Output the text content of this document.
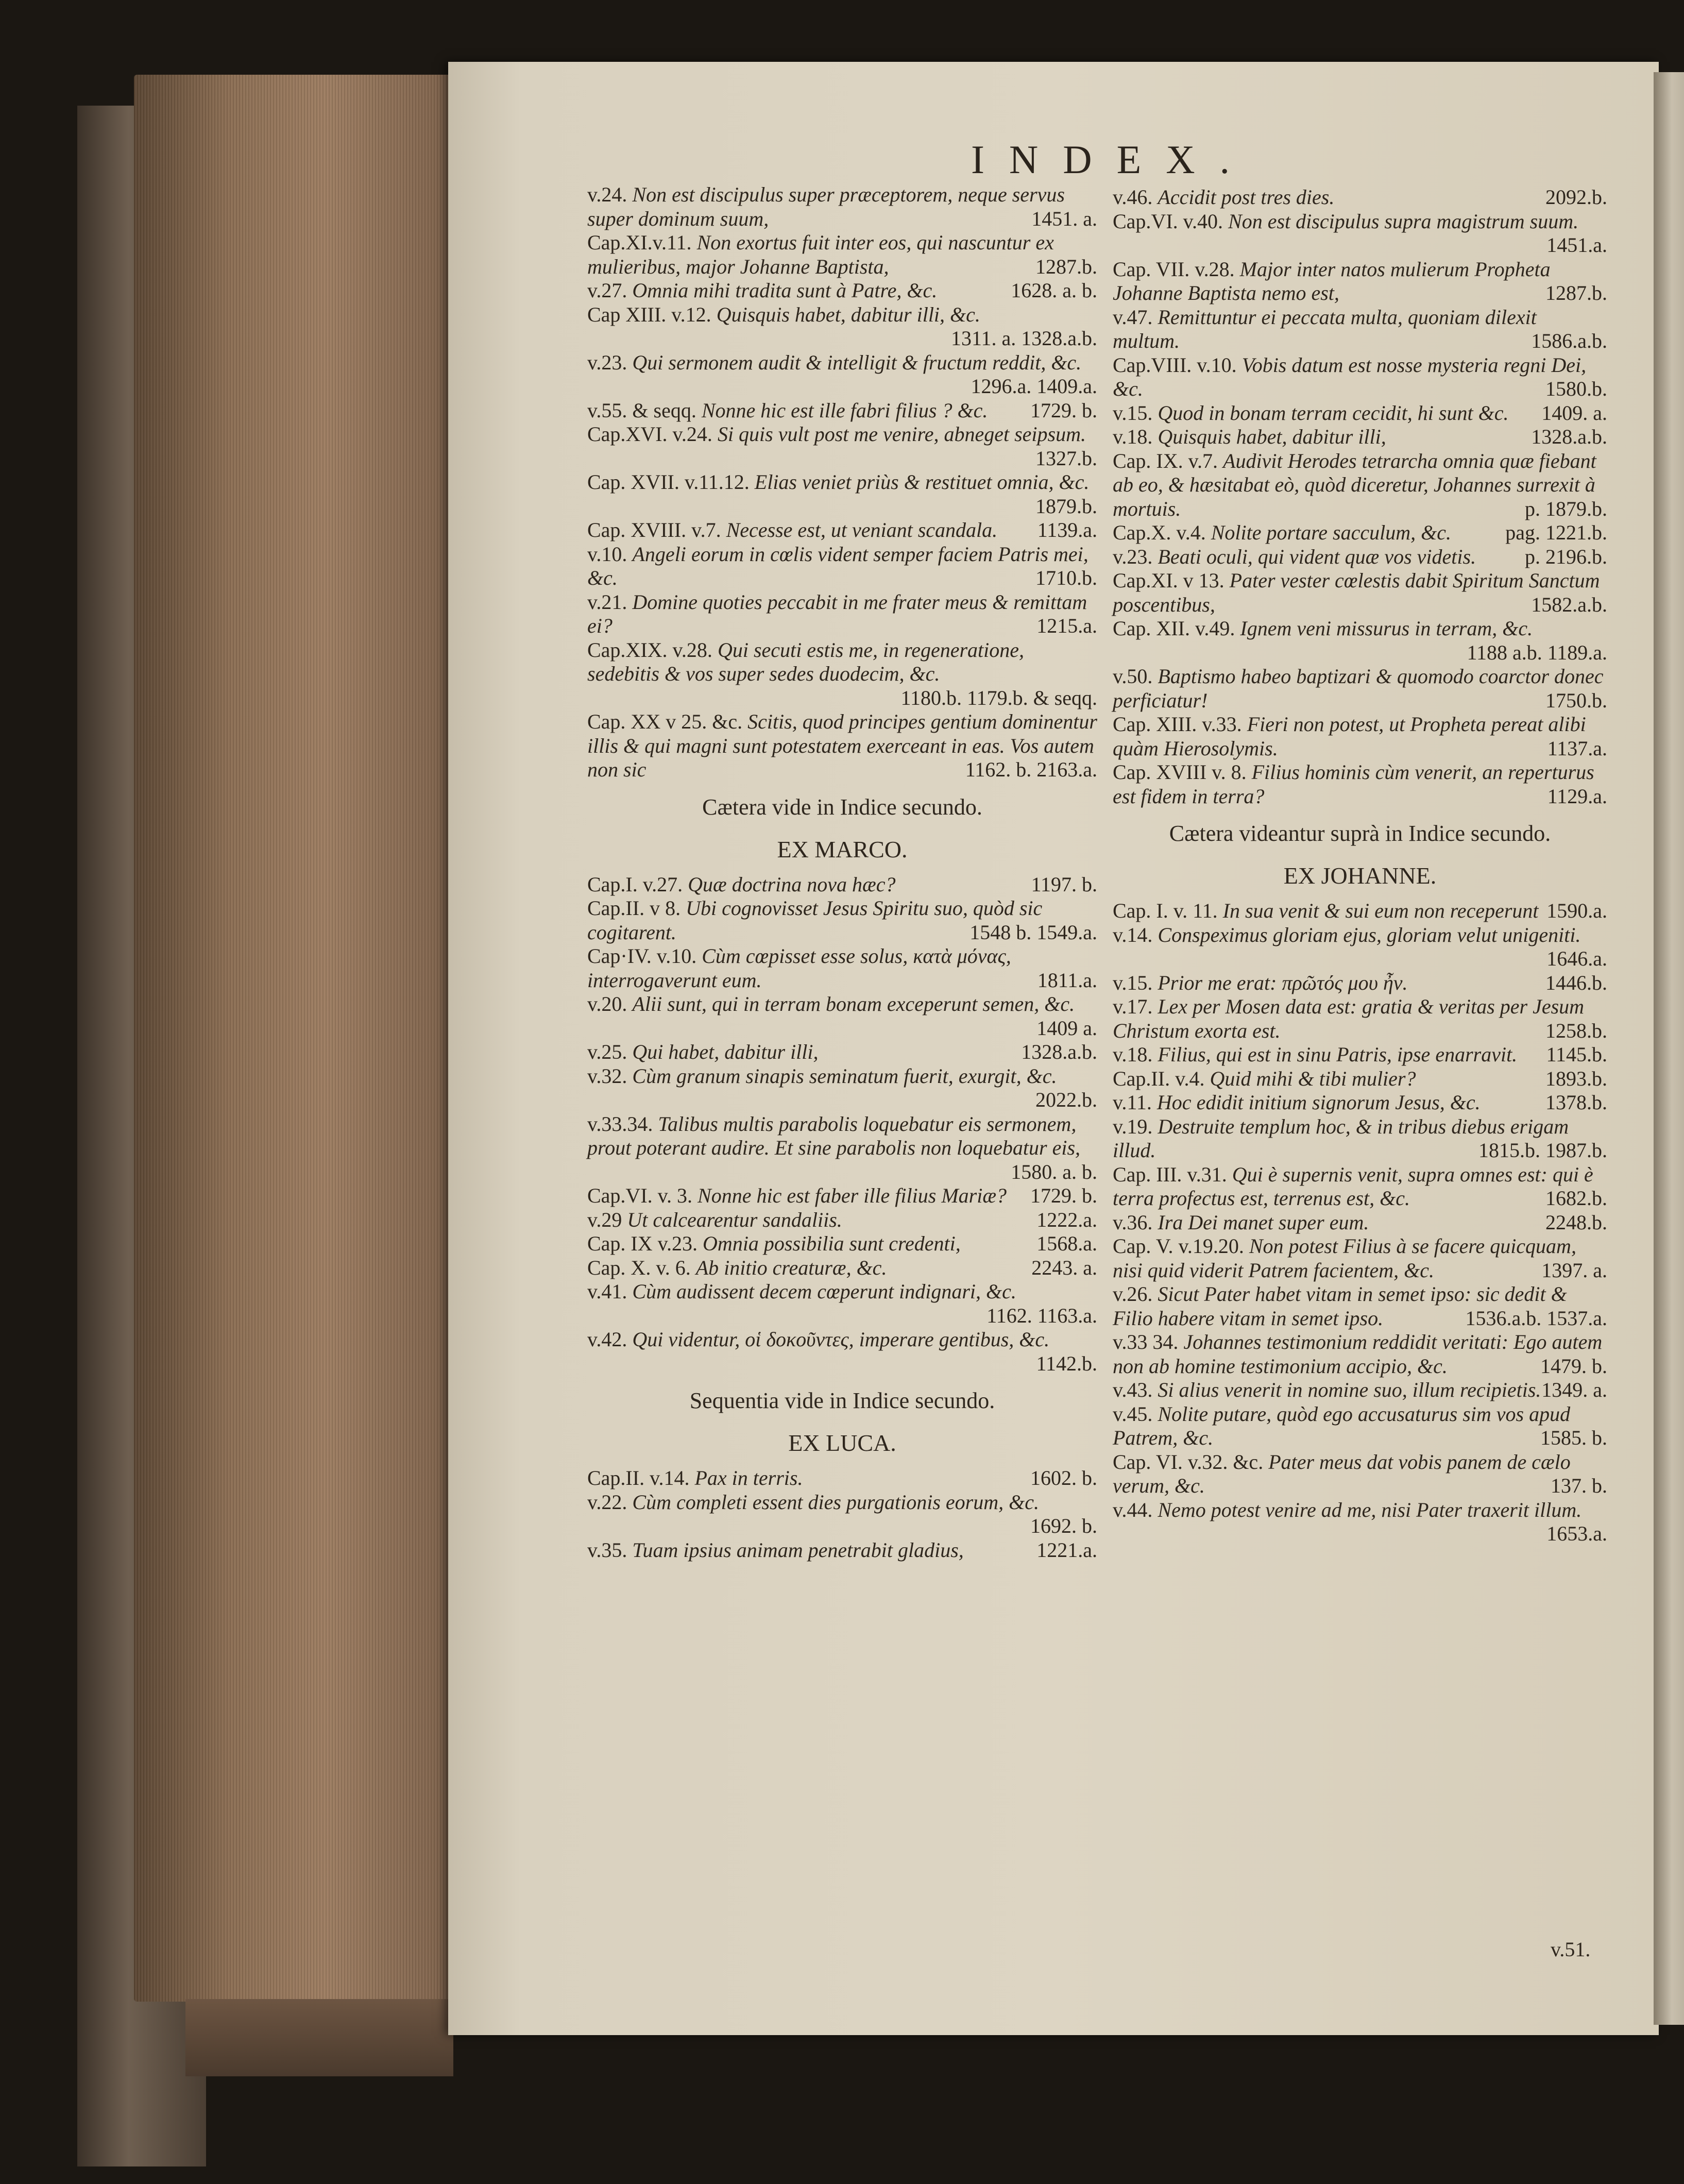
INDEX.
v.24. Non est discipulus super præceptorem, neque servus super dominum suum,	1451. a.
Cap.XI.v.11. Non exortus fuit inter eos, qui nascuntur ex mulieribus, major Johanne Baptista,	1287.b.
v.27. Omnia mihi tradita sunt à Patre, &c.	1628. a. b.
Cap XIII. v.12. Quisquis habet, dabitur illi, &c.
1311. a. 1328.a.b.
v.23. Qui sermonem audit & intelligit & fructum reddit, &c.
1296.a. 1409.a.
v.55. & seqq. Nonne hic est ille fabri filius ? &c. 1729. b.
Cap.XVI. v.24. Si quis vult post me venire, abneget seipsum.
1327.b.
Cap. XVII. v.11.12. Elias veniet priùs & restituet omnia, &c.
1879.b.
Cap. XVIII. v.7. Necesse est, ut veniant scandala. 1139.a.
v.10. Angeli eorum in cœlis vident semper faciem Patris mei, &c.	1710.b.
v.21. Domine quoties peccabit in me frater meus & remittam ei?	1215.a.
Cap.XIX. v.28. Qui secuti estis me, in regeneratione, sedebitis & vos super sedes duodecim, &c.
1180.b. 1179.b. & seqq.
Cap. XX v 25. &c. Scitis, quod principes gentium dominentur illis & qui magni sunt potestatem exerceant in eas. Vos autem non sic	1162. b. 2163.a.
Cætera vide in Indice secundo.
EX MARCO.
Cap.I. v.27. Quæ doctrina nova hæc?	1197. b.
Cap.II. v 8. Ubi cognovisset Jesus Spiritu suo, quòd sic cogitarent.	1548 b. 1549.a.
Cap·IV. v.10. Cùm cœpisset esse solus, κατὰ μόνας, interrogaverunt eum.	1811.a.
v.20. Alii sunt, qui in terram bonam exceperunt semen, &c.
1409 a.
v.25. Qui habet, dabitur illi,	1328.a.b.
v.32. Cùm granum sinapis seminatum fuerit, exurgit, &c.
2022.b.
v.33.34. Talibus multis parabolis loquebatur eis sermonem, prout poterant audire. Et sine parabolis non loquebatur eis,
1580. a. b.
Cap.VI. v. 3. Nonne hic est faber ille filius Mariæ? 1729. b.
v.29 Ut calcearentur sandaliis.	1222.a.
Cap. IX v.23. Omnia possibilia sunt credenti,	1568.a.
Cap. X. v. 6. Ab initio creaturæ, &c.	2243. a.
v.41. Cùm audissent decem cœperunt indignari, &c.
1162. 1163.a.
v.42. Qui videntur, οἱ δοκοῦντες, imperare gentibus, &c.
1142.b.
Sequentia vide in Indice secundo.
EX LUCA.
Cap.II. v.14. Pax in terris.	1602. b.
v.22. Cùm completi essent dies purgationis eorum, &c.
1692. b.
v.35. Tuam ipsius animam penetrabit gladius,	1221.a.
v.46. Accidit post tres dies.	2092.b.
Cap.VI. v.40. Non est discipulus supra magistrum suum.
1451.a.
Cap. VII. v.28. Major inter natos mulierum Propheta Johanne Baptista nemo est,	1287.b.
v.47. Remittuntur ei peccata multa, quoniam dilexit multum.	1586.a.b.
Cap.VIII. v.10. Vobis datum est nosse mysteria regni Dei, &c.	1580.b.
v.15. Quod in bonam terram cecidit, hi sunt &c. 1409. a.
v.18. Quisquis habet, dabitur illi,	1328.a.b.
Cap. IX. v.7. Audivit Herodes tetrarcha omnia quæ fiebant ab eo, & hæsitabat eò, quòd diceretur, Johannes surrexit à mortuis.	p. 1879.b.
Cap.X. v.4. Nolite portare sacculum, &c.	pag. 1221.b.
v.23. Beati oculi, qui vident quæ vos videtis. p. 2196.b.
Cap.XI. v 13. Pater vester cœlestis dabit Spiritum Sanctum poscentibus,	1582.a.b.
Cap. XII. v.49. Ignem veni missurus in terram, &c.
1188 a.b. 1189.a.
v.50. Baptismo habeo baptizari & quomodo coarctor donec perficiatur!	1750.b.
Cap. XIII. v.33. Fieri non potest, ut Propheta pereat alibi quàm Hierosolymis.	1137.a.
Cap. XVIII v. 8. Filius hominis cùm venerit, an reperturus est fidem in terra?	1129.a.
Cætera videantur suprà in Indice secundo.
EX JOHANNE.
Cap. I. v. 11. In sua venit & sui eum non receperunt 1590.a.
v.14. Conspeximus gloriam ejus, gloriam velut unigeniti.
1646.a.
v.15. Prior me erat: πρῶτός μου ἦν.	1446.b.
v.17. Lex per Mosen data est: gratia & veritas per Jesum Christum exorta est.	1258.b.
v.18. Filius, qui est in sinu Patris, ipse enarravit. 1145.b.
Cap.II. v.4. Quid mihi & tibi mulier?	1893.b.
v.11. Hoc edidit initium signorum Jesus, &c.	1378.b.
v.19. Destruite templum hoc, & in tribus diebus erigam illud.	1815.b. 1987.b.
Cap. III. v.31. Qui è supernis venit, supra omnes est: qui è terra profectus est, terrenus est, &c.	1682.b.
v.36. Ira Dei manet super eum.	2248.b.
Cap. V. v.19.20. Non potest Filius à se facere quicquam, nisi quid viderit Patrem facientem, &c.	1397. a.
v.26. Sicut Pater habet vitam in semet ipso: sic dedit & Filio habere vitam in semet ipso.	1536.a.b. 1537.a.
v.33 34. Johannes testimonium reddidit veritati: Ego autem non ab homine testimonium accipio, &c.	1479. b.
v.43. Si alius venerit in nomine suo, illum recipietis. 1349. a.
v.45. Nolite putare, quòd ego accusaturus sim vos apud Patrem, &c.	1585. b.
Cap. VI. v.32. &c. Pater meus dat vobis panem de cælo verum, &c.	137. b.
v.44. Nemo potest venire ad me, nisi Pater traxerit illum.
1653.a.
v.51.
